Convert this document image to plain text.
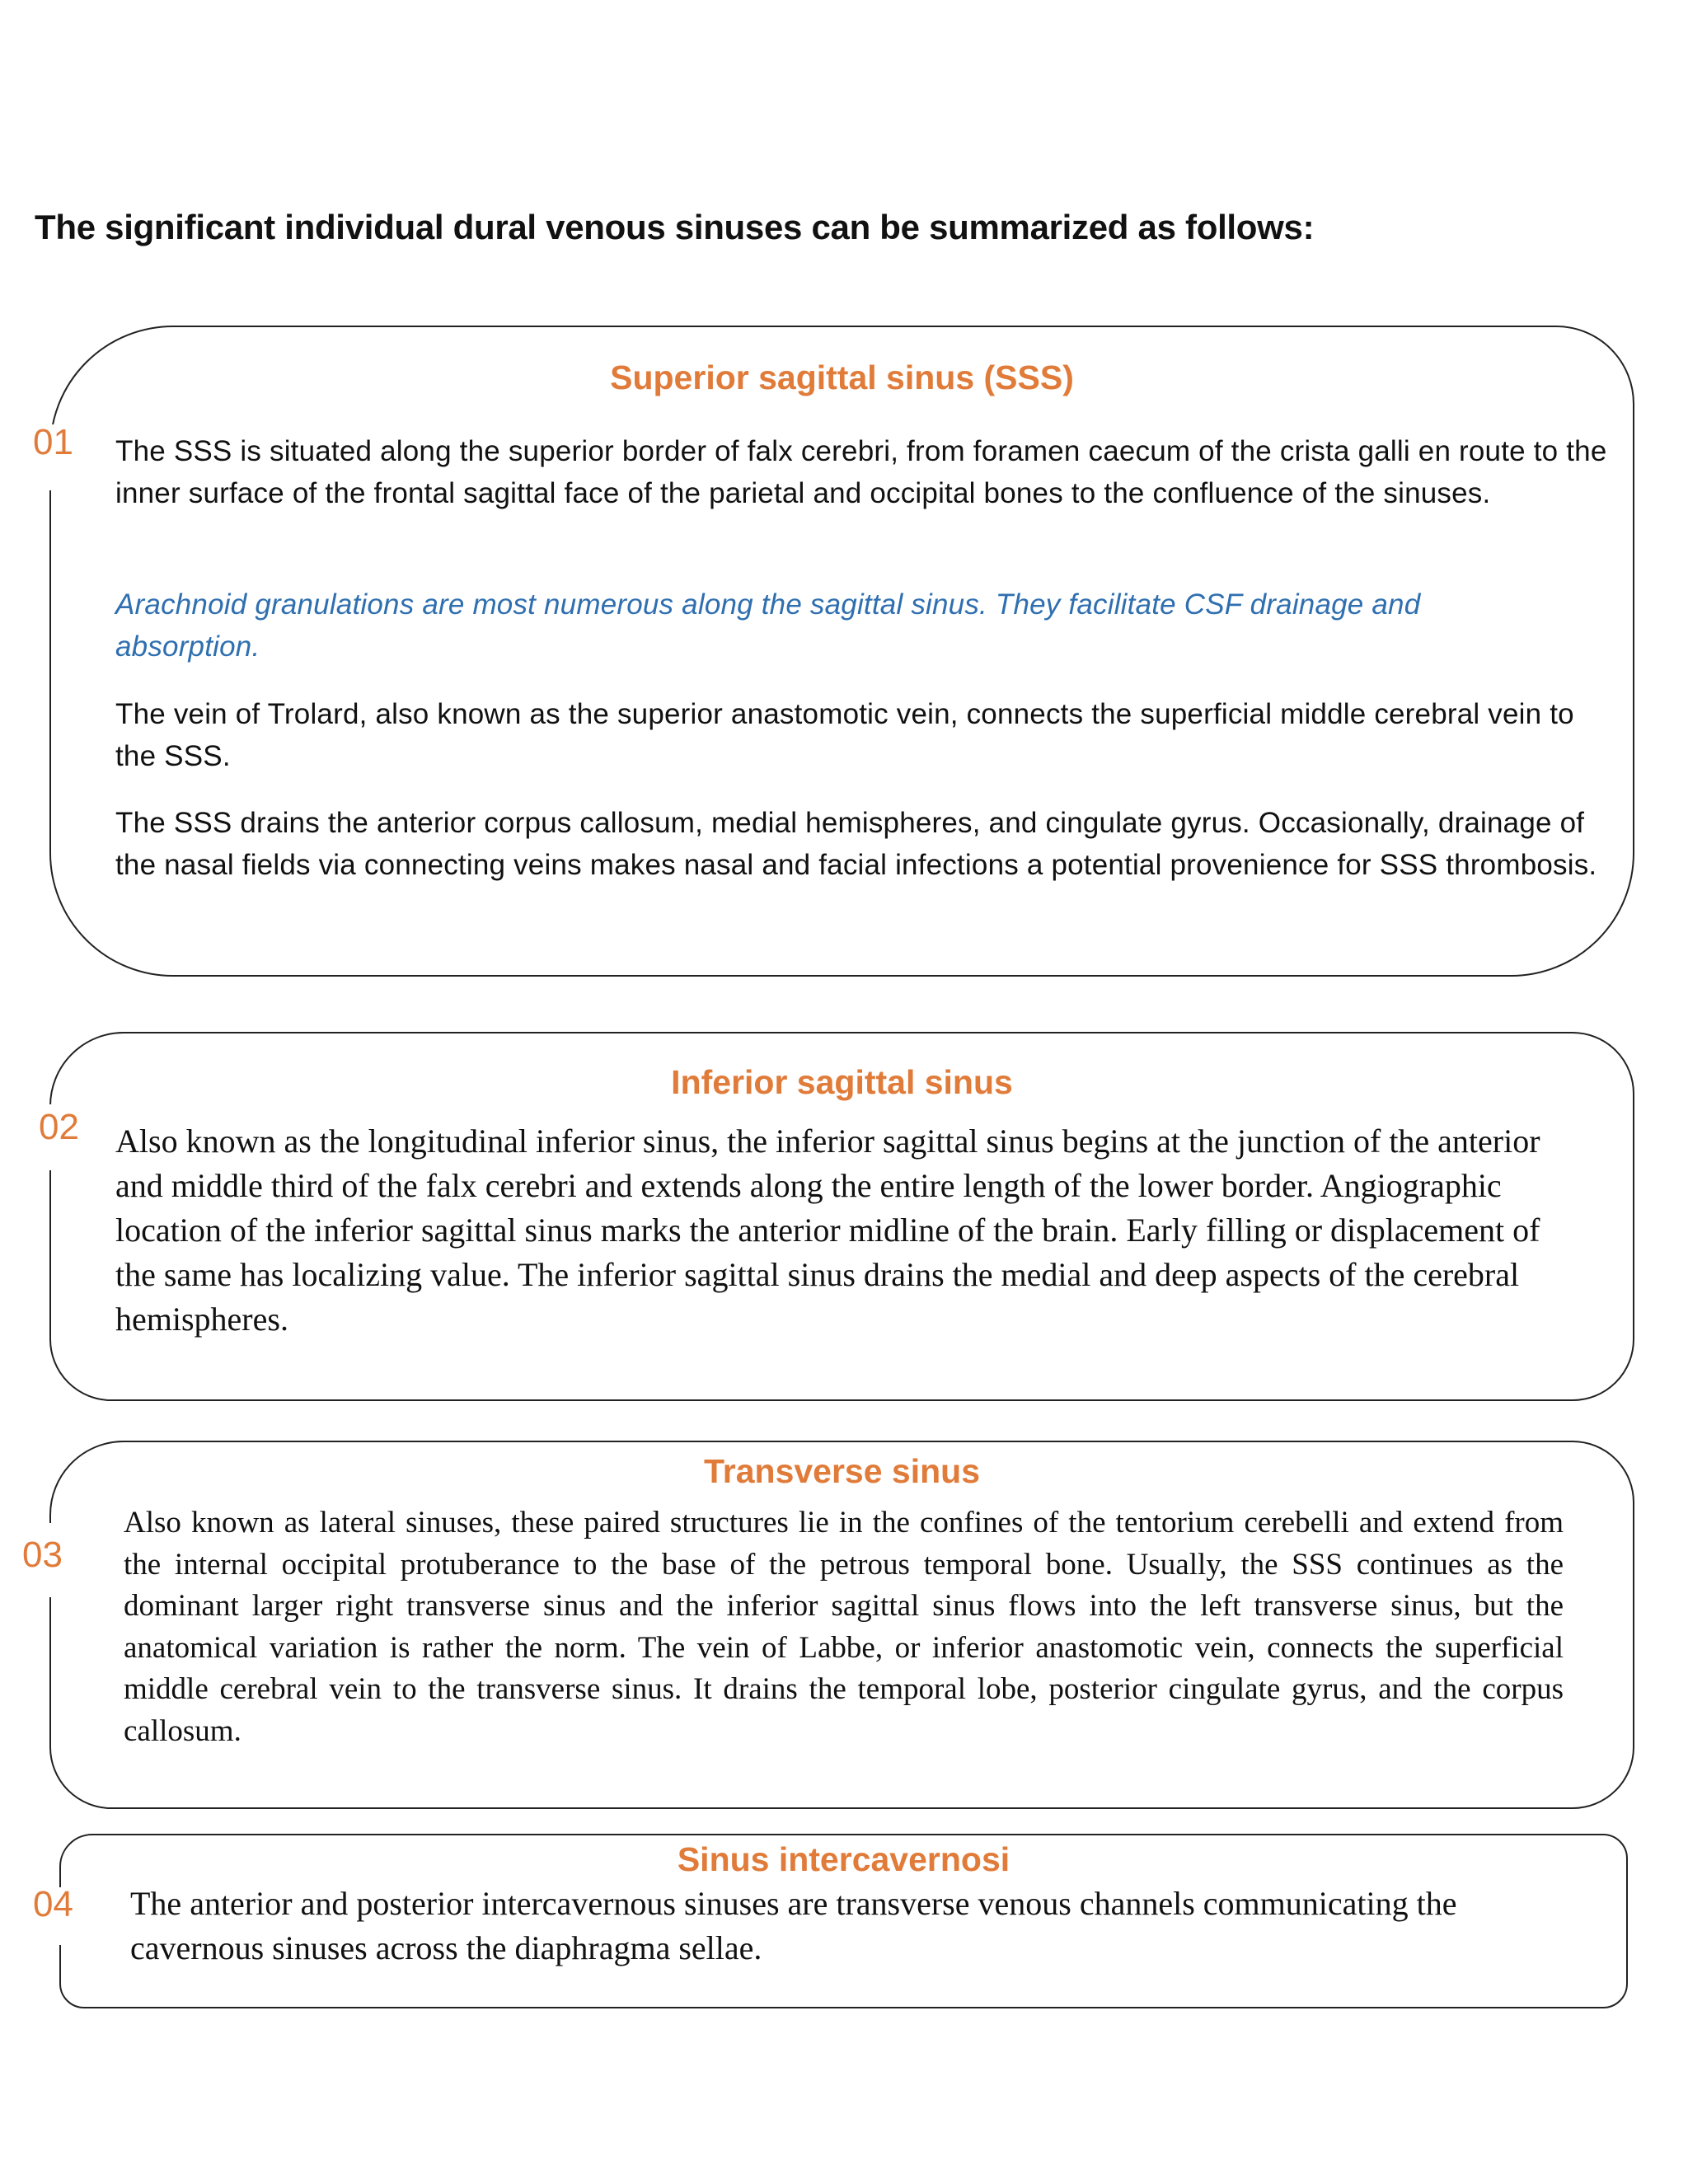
The significant individual dural venous sinuses can be summarized as follows:
01
Superior sagittal sinus (SSS)

The SSS is situated along the superior border of falx cerebri, from foramen caecum of the crista galli en route to the inner surface of the frontal sagittal face of the parietal and occipital bones to the confluence of the sinuses.

Arachnoid granulations are most numerous along the sagittal sinus. They facilitate CSF drainage and absorption.

The vein of Trolard, also known as the superior anastomotic vein, connects the superficial middle cerebral vein to the SSS.

The SSS drains the anterior corpus callosum, medial hemispheres, and cingulate gyrus. Occasionally, drainage of the nasal fields via connecting veins makes nasal and facial infections a potential provenience for SSS thrombosis.

02
Inferior sagittal sinus

Also known as the longitudinal inferior sinus, the inferior sagittal sinus begins at the junction of the anterior and middle third of the falx cerebri and extends along the entire length of the lower border. Angiographic location of the inferior sagittal sinus marks the anterior midline of the brain. Early filling or displacement of the same has localizing value. The inferior sagittal sinus drains the medial and deep aspects of the cerebral hemispheres.

03
Transverse sinus

Also known as lateral sinuses, these paired structures lie in the confines of the tentorium cerebelli and extend from the internal occipital protuberance to the base of the petrous temporal bone. Usually, the SSS continues as the dominant larger right transverse sinus and the inferior sagittal sinus flows into the left transverse sinus, but the anatomical variation is rather the norm. The vein of Labbe, or inferior anastomotic vein, connects the superficial middle cerebral vein to the transverse sinus. It drains the temporal lobe, posterior cingulate gyrus, and the corpus callosum.

04
Sinus intercavernosi

The anterior and posterior intercavernous sinuses are transverse venous channels communicating the cavernous sinuses across the diaphragma sellae.
